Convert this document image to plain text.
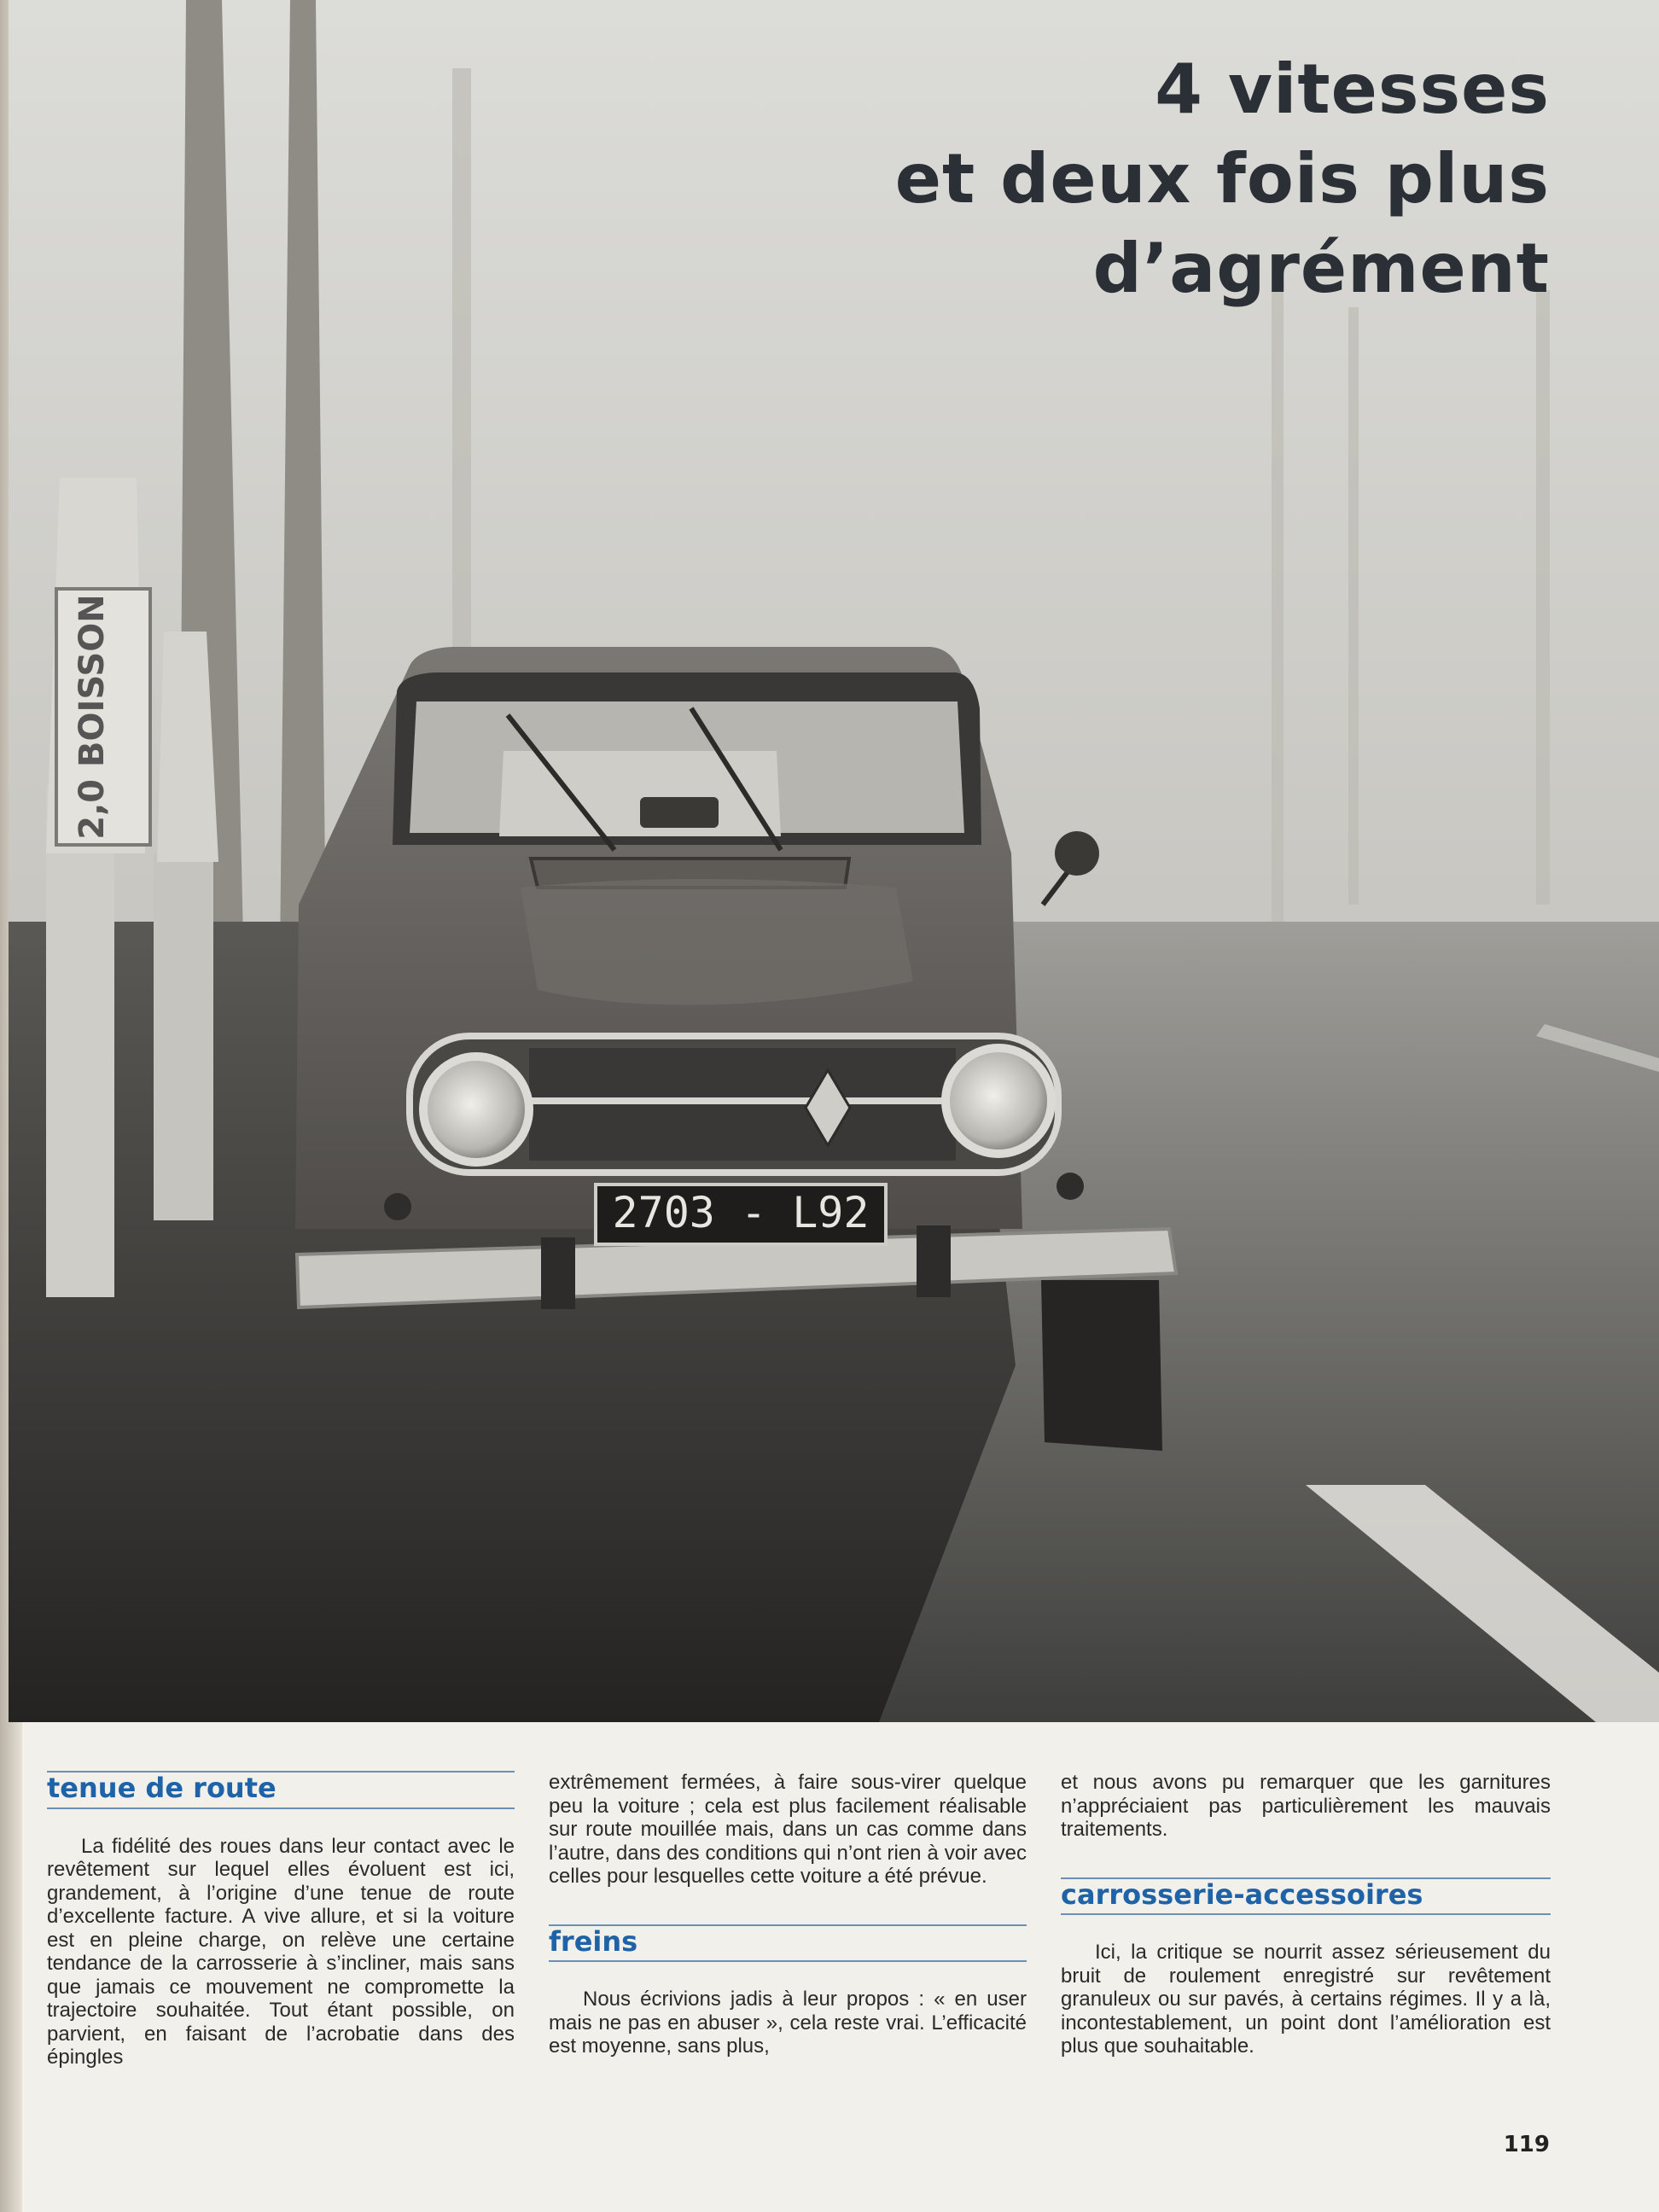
2,0 BOISSON
2703 - L92
4 vitesses
et deux fois plus
d’agrément
tenue de route

La fidélité des roues dans leur contact avec le revêtement sur lequel elles évoluent est ici, grandement, à l’origine d’une tenue de route d’excellente facture. A vive allure, et si la voiture est en pleine charge, on relève une certaine tendance de la carrosserie à s’incliner, mais sans que jamais ce mouvement ne compromette la trajectoire souhaitée. Tout étant possible, on parvient, en faisant de l’acrobatie dans des épingles

extrêmement fermées, à faire sous-virer quelque peu la voiture ; cela est plus facilement réalisable sur route mouillée mais, dans un cas comme dans l’autre, dans des conditions qui n’ont rien à voir avec celles pour lesquelles cette voiture a été prévue.

freins

Nous écrivions jadis à leur propos : « en user mais ne pas en abuser », cela reste vrai. L’efficacité est moyenne, sans plus,

et nous avons pu remarquer que les garnitures n’appréciaient pas particulièrement les mauvais traitements.

carrosserie-accessoires

Ici, la critique se nourrit assez sérieusement du bruit de roulement enregistré sur revêtement granuleux ou sur pavés, à certains régimes. Il y a là, incontestablement, un point dont l’amélioration est plus que souhaitable.

119
